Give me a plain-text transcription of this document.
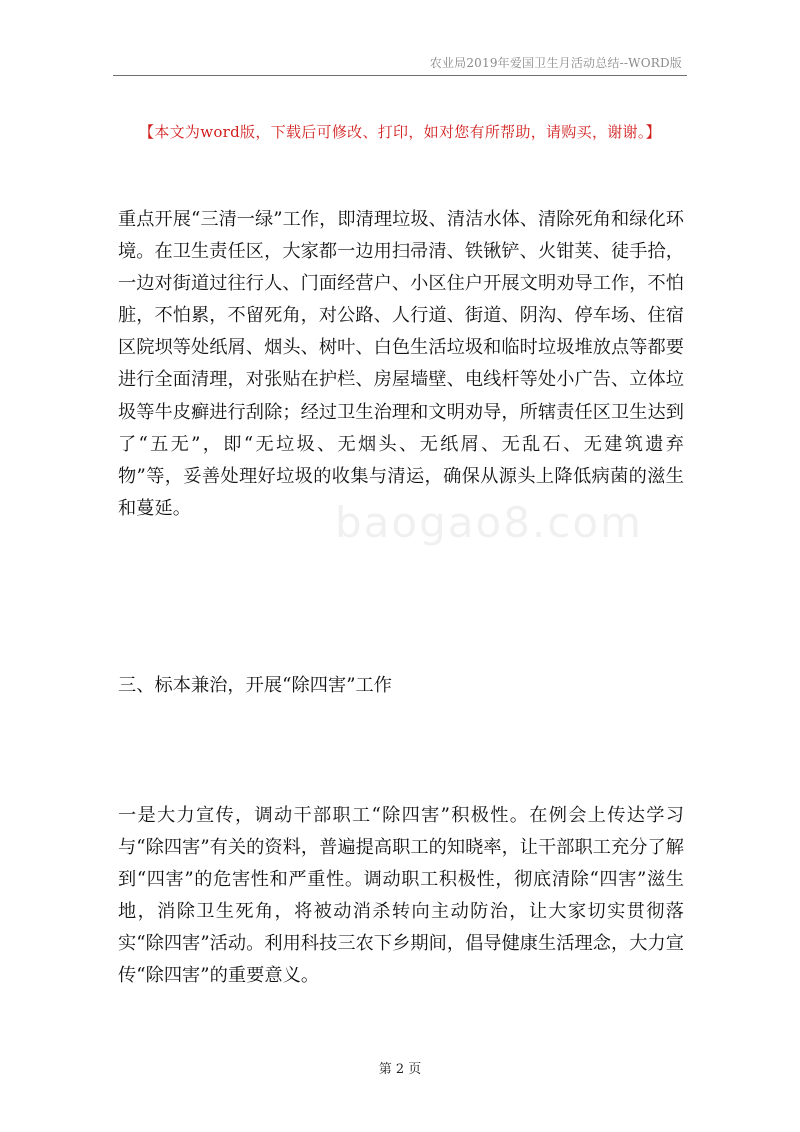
农业局2019年爱国卫生月活动总结--WORD版
【本文为word版，下载后可修改、打印，如对您有所帮助，请购买，谢谢。】

重点开展“三清一绿”工作，即清理垃圾、清洁水体、清除死角和绿化环境。在卫生责任区，大家都一边用扫帚清、铁锹铲、火钳荚、徒手拾，一边对街道过往行人、门面经营户、小区住户开展文明劝导工作，不怕脏，不怕累，不留死角，对公路、人行道、街道、阴沟、停车场、住宿区院坝等处纸屑、烟头、树叶、白色生活垃圾和临时垃圾堆放点等都要进行全面清理，对张贴在护栏、房屋墙壁、电线杆等处小广告、立体垃圾等牛皮癣进行刮除；经过卫生治理和文明劝导，所辖责任区卫生达到了“五无”，即“无垃圾、无烟头、无纸屑、无乱石、无建筑遗弃物”等，妥善处理好垃圾的收集与清运，确保从源头上降低病菌的滋生和蔓延。

三、标本兼治，开展“除四害”工作

一是大力宣传，调动干部职工“除四害”积极性。在例会上传达学习与“除四害”有关的资料，普遍提高职工的知晓率，让干部职工充分了解到“四害”的危害性和严重性。调动职工积极性，彻底清除“四害”滋生地，消除卫生死角，将被动消杀转向主动防治，让大家切实贯彻落实“除四害”活动。利用科技三农下乡期间，倡导健康生活理念，大力宣传“除四害”的重要意义。

baogao8.com
第 2 页
